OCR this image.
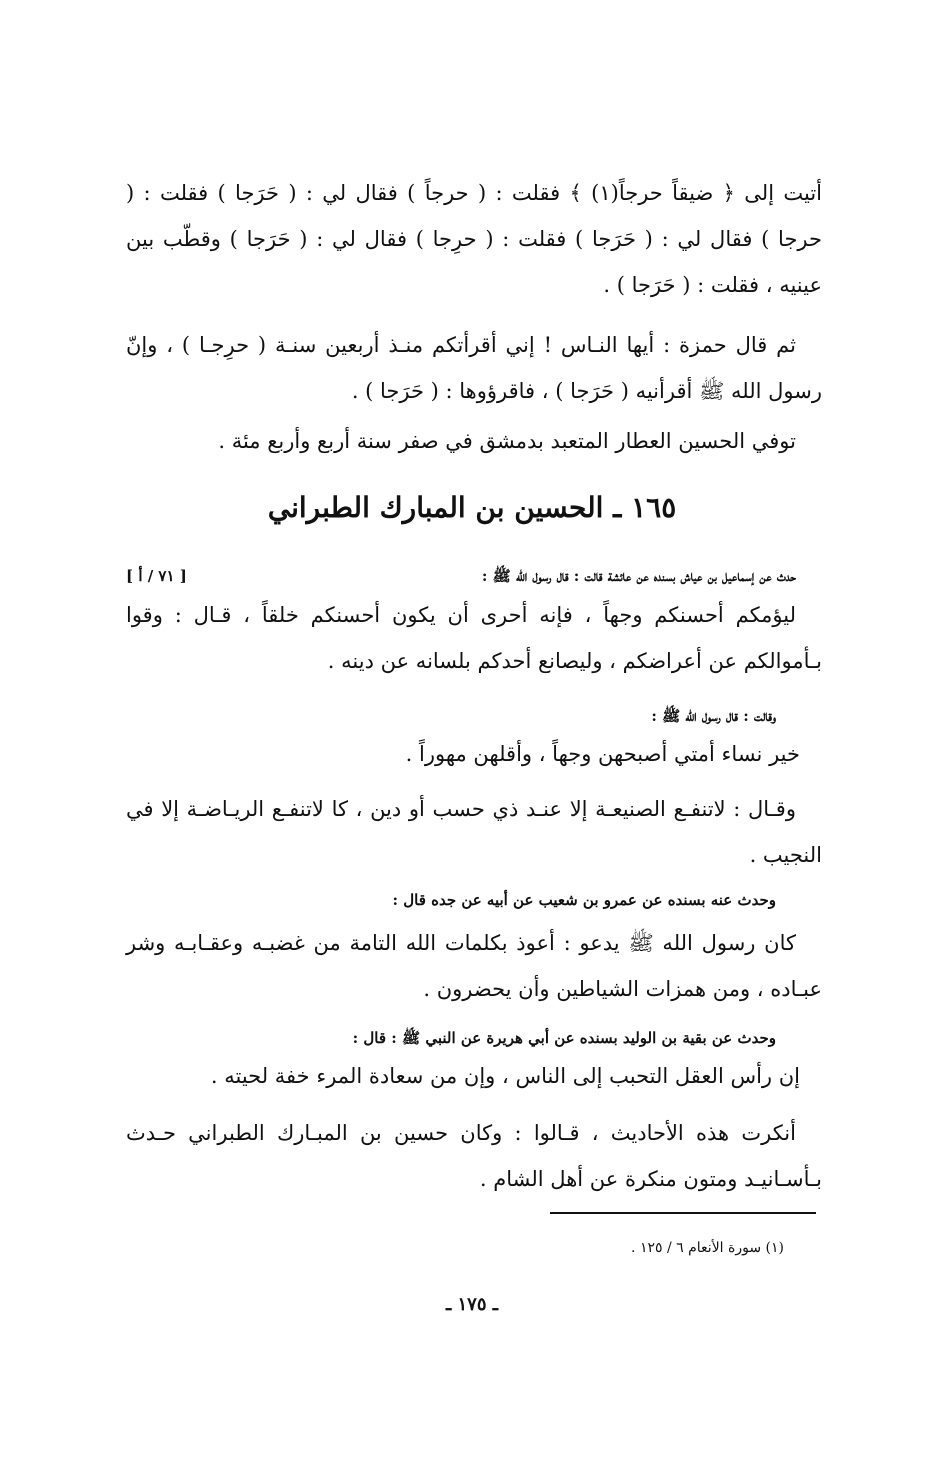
أتيت إلى ﴿ ضيقاً حرجاً(١) ﴾ فقلت : ( حرجاً ) فقال لي : ( حَرَجا ) فقلت : ( حرجا ) فقال لي : ( حَرَجا ) فقلت : ( حرِجا ) فقال لي : ( حَرَجا ) وقطّب بين عينيه ، فقلت : ( حَرَجا ) .

ثم قال حمزة : أيها النـاس ! إني أقرأتكم منـذ أربعين سنـة ( حرِجـا ) ، وإنّ رسول الله ﷺ أقرأنيه ( حَرَجا ) ، فاقرؤوها : ( حَرَجا ) .

توفي الحسين العطار المتعبد بدمشق في صفر سنة أربع وأربع مئة .

١٦٥ ـ الحسين بن المبارك الطبراني
[ ٧١ / أ ]	حدث عن إسماعيل بن عياش بسنده عن عائشة قالت : قال رسول الله ﷺ :

ليؤمكم أحسنكم وجهاً ، فإنه أحرى أن يكون أحسنكم خلقاً ، قـال : وقوا بـأموالكم عن أعراضكم ، وليصانع أحدكم بلسانه عن دينه .

وقالت : قال رسول الله ﷺ :

خير نساء أمتي أصبحهن وجهاً ، وأقلهن مهوراً .

وقـال : لاتنفـع الصنيعـة إلا عنـد ذي حسب أو دين ، كا لاتنفـع الريـاضـة إلا في النجيب .

وحدث عنه بسنده عن عمرو بن شعيب عن أبيه عن جده قال :

كان رسول الله ﷺ يدعو : أعوذ بكلمات الله التامة من غضبـه وعقـابـه وشر عبـاده ، ومن همزات الشياطين وأن يحضرون .

وحدث عن بقية بن الوليد بسنده عن أبي هريرة عن النبي ﷺ : قال :

إن رأس العقل التحبب إلى الناس ، وإن من سعادة المرء خفة لحيته .

أنكرت هذه الأحاديث ، قـالوا : وكان حسين بن المبـارك الطبراني حـدث بـأسـانيـد ومتون منكرة عن أهل الشام .

(١) سورة الأنعام ٦ / ١٢٥ .
ـ ١٧٥ ـ
